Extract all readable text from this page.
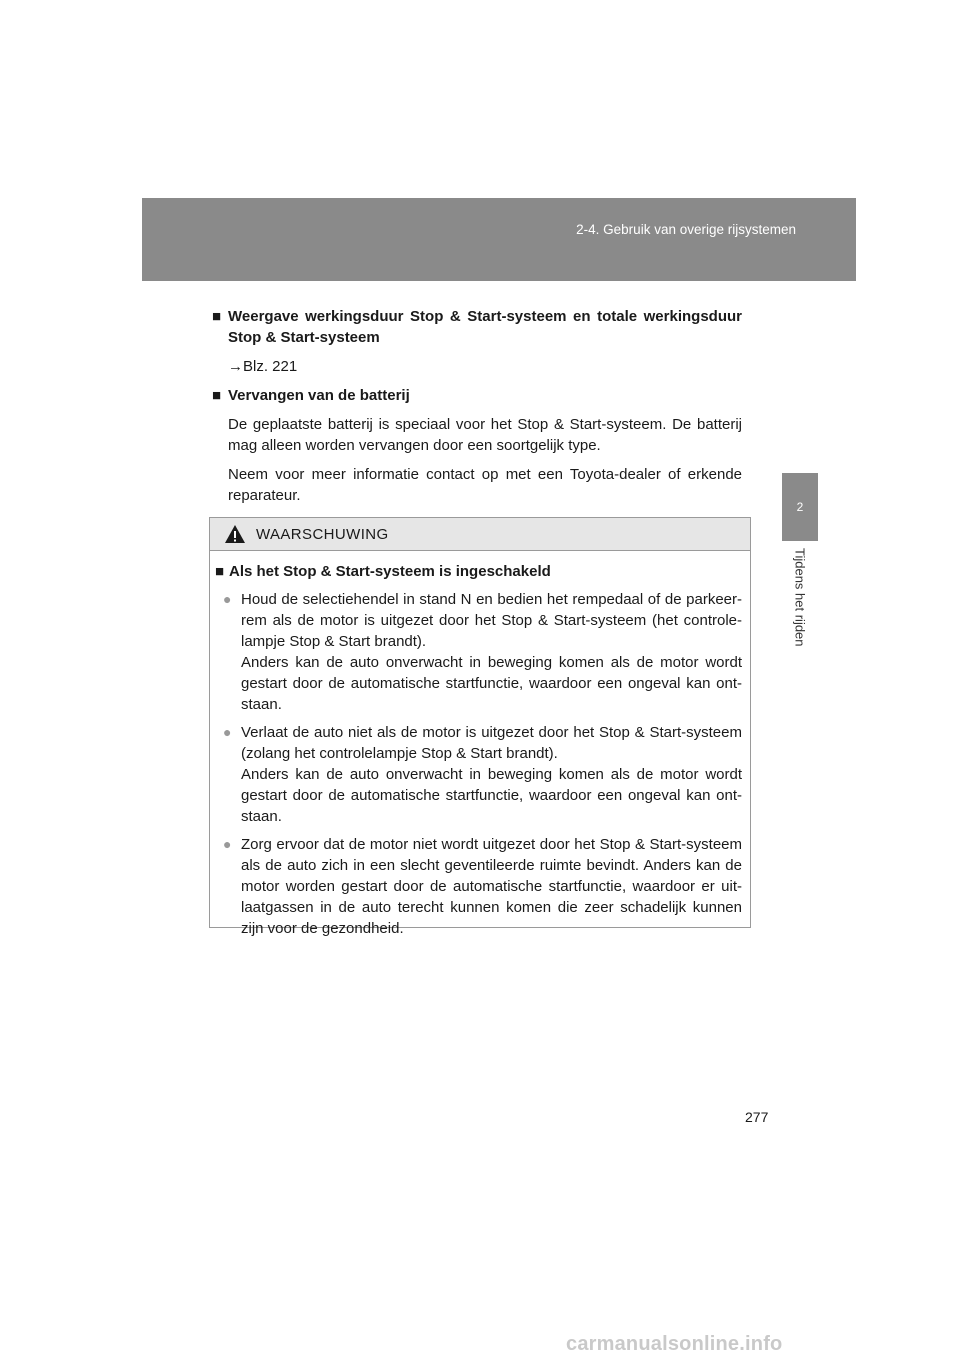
2-4. Gebruik van overige rijsystemen
2
Tijdens het rijden
■ Weergave werkingsduur Stop & Start-systeem en totale werkingsduur Stop & Start-systeem
→Blz. 221
■ Vervangen van de batterij
De geplaatste batterij is speciaal voor het Stop & Start-systeem. De batterij mag alleen worden vervangen door een soortgelijk type.
Neem voor meer informatie contact op met een Toyota-dealer of erkende reparateur.
WAARSCHUWING
■ Als het Stop & Start-systeem is ingeschakeld
● Houd de selectiehendel in stand N en bedien het rempedaal of de parkeer-rem als de motor is uitgezet door het Stop & Start-systeem (het controle-lampje Stop & Start brandt).
Anders kan de auto onverwacht in beweging komen als de motor wordt gestart door de automatische startfunctie, waardoor een ongeval kan ont-staan.
● Verlaat de auto niet als de motor is uitgezet door het Stop & Start-systeem (zolang het controlelampje Stop & Start brandt).
Anders kan de auto onverwacht in beweging komen als de motor wordt gestart door de automatische startfunctie, waardoor een ongeval kan ont-staan.
● Zorg ervoor dat de motor niet wordt uitgezet door het Stop & Start-systeem als de auto zich in een slecht geventileerde ruimte bevindt. Anders kan de motor worden gestart door de automatische startfunctie, waardoor er uit-laatgassen in de auto terecht kunnen komen die zeer schadelijk kunnen zijn voor de gezondheid.
277
carmanualsonline.info
